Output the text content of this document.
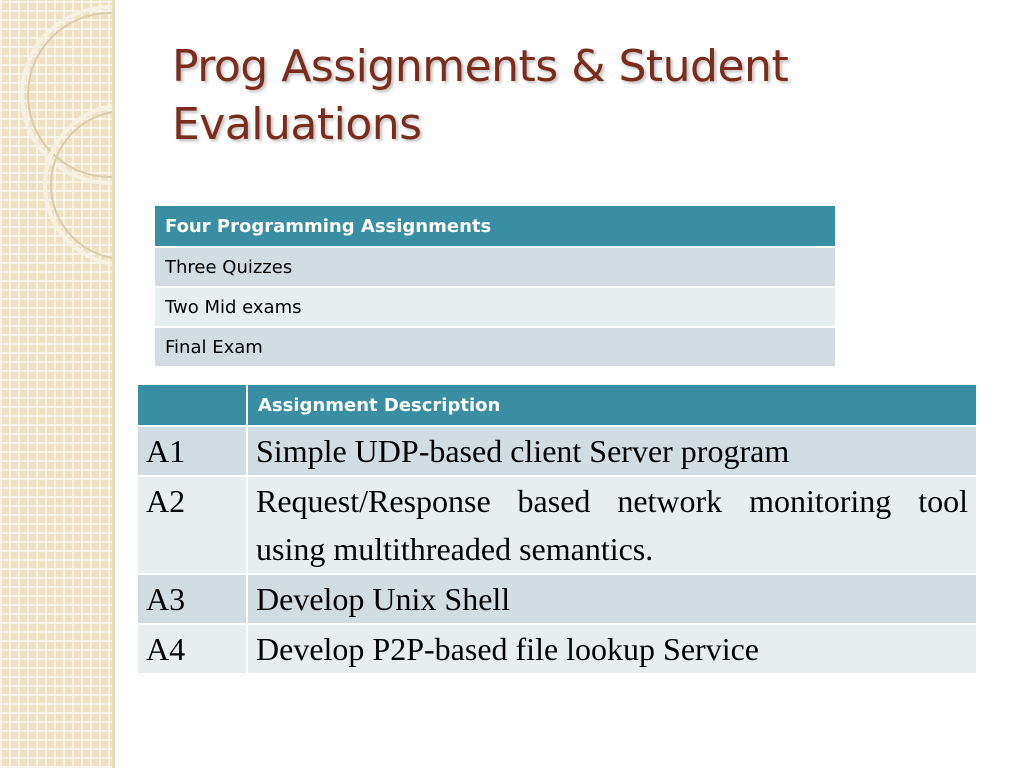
Prog Assignments & Student Evaluations
Four Programming Assignments
Three Quizzes
Two Mid exams
Final Exam
	Assignment Description
A1	Simple UDP-based client Server program
A2	Request/Response based network monitoring tool using multithreaded semantics.
A3	Develop Unix Shell
A4	Develop P2P-based file lookup Service
